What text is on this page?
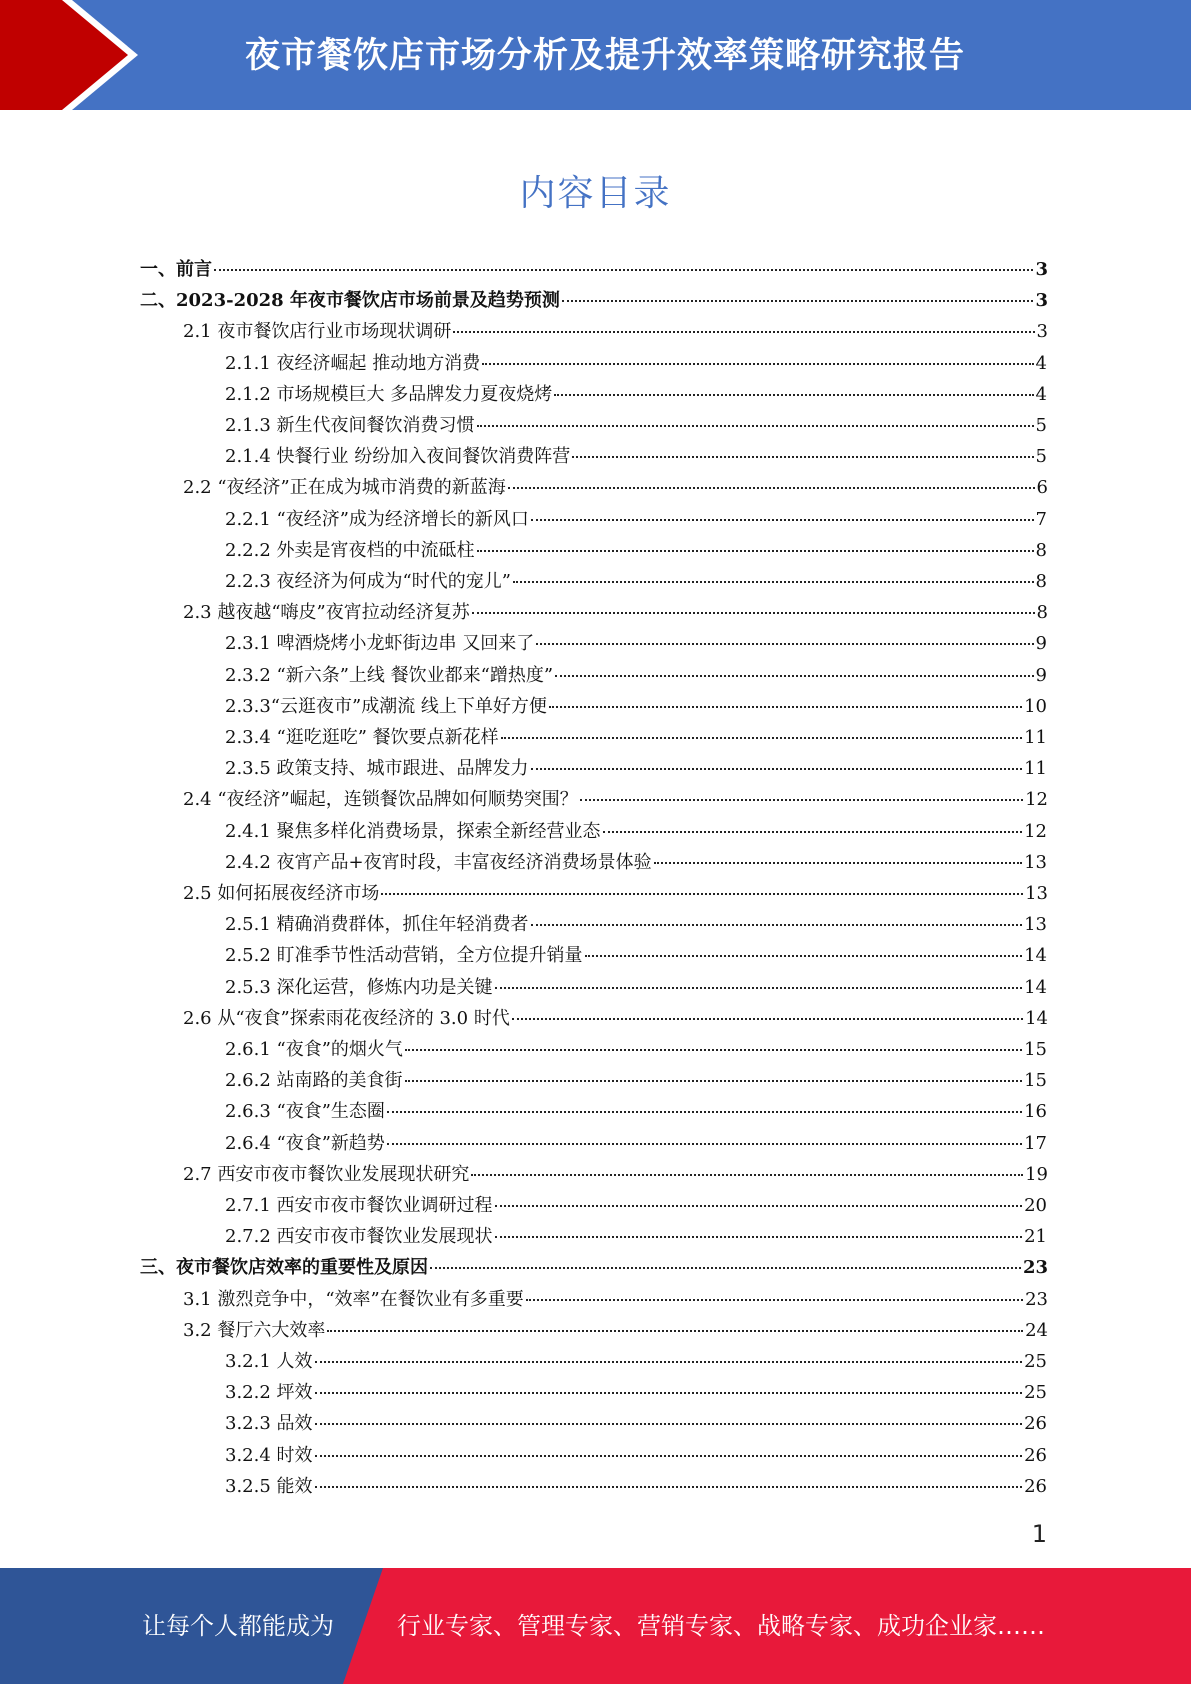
夜市餐饮店市场分析及提升效率策略研究报告
内容目录
一、前言	3
二、2023-2028 年夜市餐饮店市场前景及趋势预测	3
2.1 夜市餐饮店行业市场现状调研	3
2.1.1 夜经济崛起 推动地方消费	4
2.1.2 市场规模巨大 多品牌发力夏夜烧烤	4
2.1.3 新生代夜间餐饮消费习惯	5
2.1.4 快餐行业 纷纷加入夜间餐饮消费阵营	5
2.2 “夜经济”正在成为城市消费的新蓝海	6
2.2.1 “夜经济”成为经济增长的新风口	7
2.2.2 外卖是宵夜档的中流砥柱	8
2.2.3 夜经济为何成为“时代的宠儿”	8
2.3 越夜越“嗨皮”夜宵拉动经济复苏	8
2.3.1 啤酒烧烤小龙虾街边串 又回来了	9
2.3.2 “新六条”上线 餐饮业都来“蹭热度”	9
2.3.3“云逛夜市”成潮流 线上下单好方便	10
2.3.4 “逛吃逛吃” 餐饮要点新花样	11
2.3.5 政策支持、城市跟进、品牌发力	11
2.4 “夜经济”崛起，连锁餐饮品牌如何顺势突围？	12
2.4.1 聚焦多样化消费场景，探索全新经营业态	12
2.4.2 夜宵产品+夜宵时段，丰富夜经济消费场景体验	13
2.5 如何拓展夜经济市场	13
2.5.1 精确消费群体，抓住年轻消费者	13
2.5.2 盯准季节性活动营销，全方位提升销量	14
2.5.3 深化运营，修炼内功是关键	14
2.6 从“夜食”探索雨花夜经济的 3.0 时代	14
2.6.1 “夜食”的烟火气	15
2.6.2 站南路的美食街	15
2.6.3 “夜食”生态圈	16
2.6.4 “夜食”新趋势	17
2.7 西安市夜市餐饮业发展现状研究	19
2.7.1 西安市夜市餐饮业调研过程	20
2.7.2 西安市夜市餐饮业发展现状	21
三、夜市餐饮店效率的重要性及原因	23
3.1 激烈竞争中，“效率”在餐饮业有多重要	23
3.2 餐厅六大效率	24
3.2.1 人效	25
3.2.2 坪效	25
3.2.3 品效	26
3.2.4 时效	26
3.2.5 能效	26
1
让每个人都能成为	行业专家、管理专家、营销专家、战略专家、成功企业家……
